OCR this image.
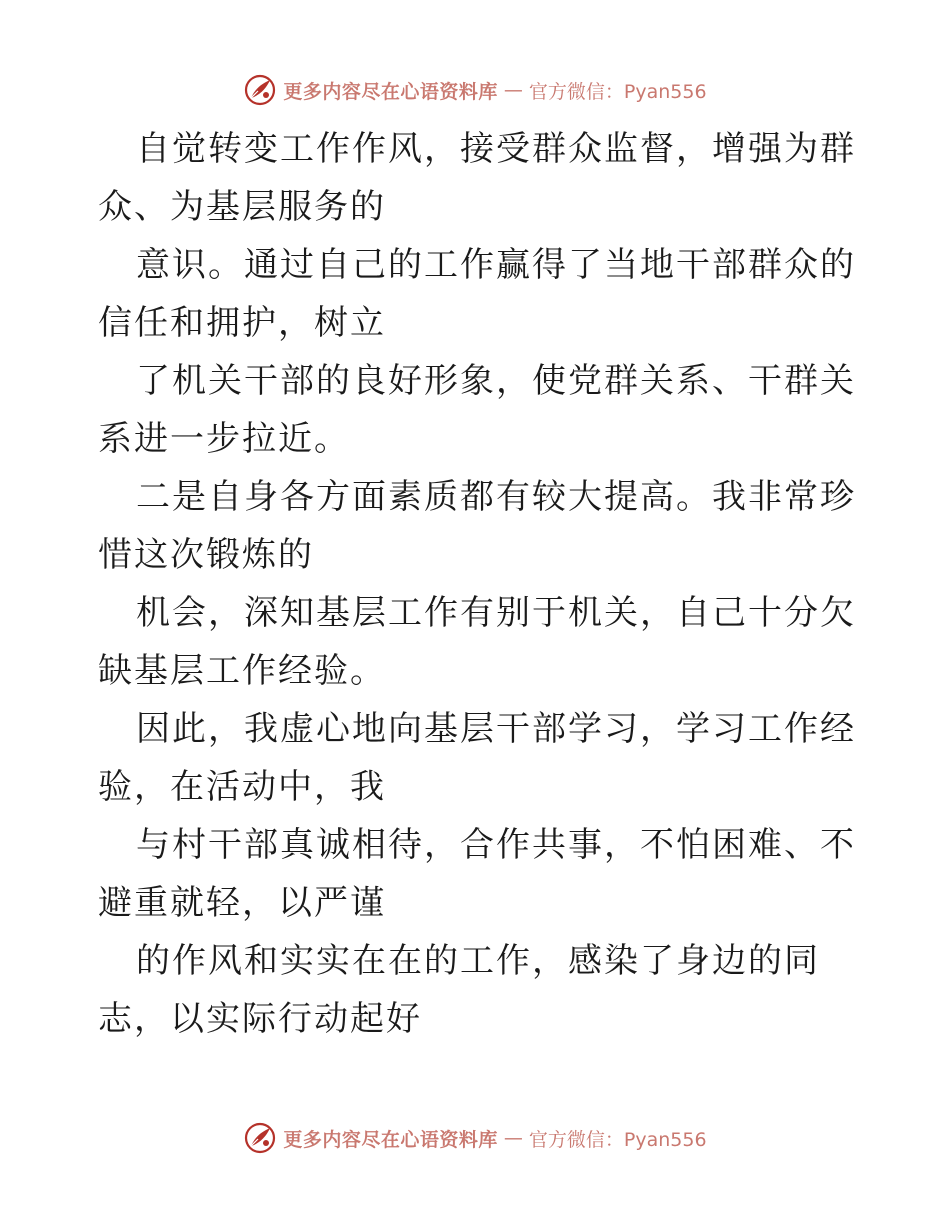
更多内容尽在心语资料库 — 官方微信：Pyan556

自觉转变工作作风，接受群众监督，增强为群众、为基层服务的

意识。通过自己的工作赢得了当地干部群众的信任和拥护，树立

了机关干部的良好形象，使党群关系、干群关系进一步拉近。

二是自身各方面素质都有较大提高。我非常珍惜这次锻炼的

机会，深知基层工作有别于机关，自己十分欠缺基层工作经验。

因此，我虚心地向基层干部学习，学习工作经验，在活动中，我

与村干部真诚相待，合作共事，不怕困难、不避重就轻，以严谨

的作风和实实在在的工作，感染了身边的同志，以实际行动起好

更多内容尽在心语资料库 — 官方微信：Pyan556
